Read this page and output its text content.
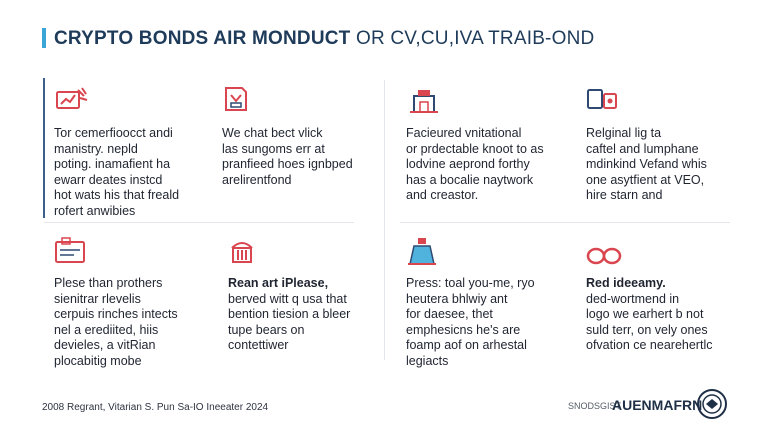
CRYPTO BONDS AIR MONDUCT OR CV,CU,IVA TRAIB-OND
Tor cemerfioocct andi
manistry. nepld
poting. inamafient ha
ewarr deates instcd
hot wats his that freald
rofert anwibies
We chat bect vlick
las sungoms err at
pranfieed hoes ignbped
arelirentfond
Facieured vnitational
or prdectable knoot to as
lodvine aeprond forthy
has a bocalie naytwork
and creastor.
Relginal lig ta
caftel and lumphane
mdinkind Vefand whis
one asytfient at VEO,
hire starn and
Plese than prothers
sienitrar rlevelis
cerpuis rinches intects
nel a erediited, hiis
devieles, a vitRian
plocabitig mobe
Rean art iPlease,
berved witt q usa that
bention tiesion a bleer
tupe bears on
contettiwer
Press: toal you-me, ryo
heutera bhlwiy ant
for daesee, thet
emphesicns he's are
foamp aof on arhestal
legiacts
Red ideeamy.
ded-wortmend in
logo we earhert b not
suld terr, on vely ones
ofvation ce nearehertlc
2008 Regrant, Vitarian S. Pun Sa-IO Ineeater 2024	SNODSGIST
AUENMAFRN
